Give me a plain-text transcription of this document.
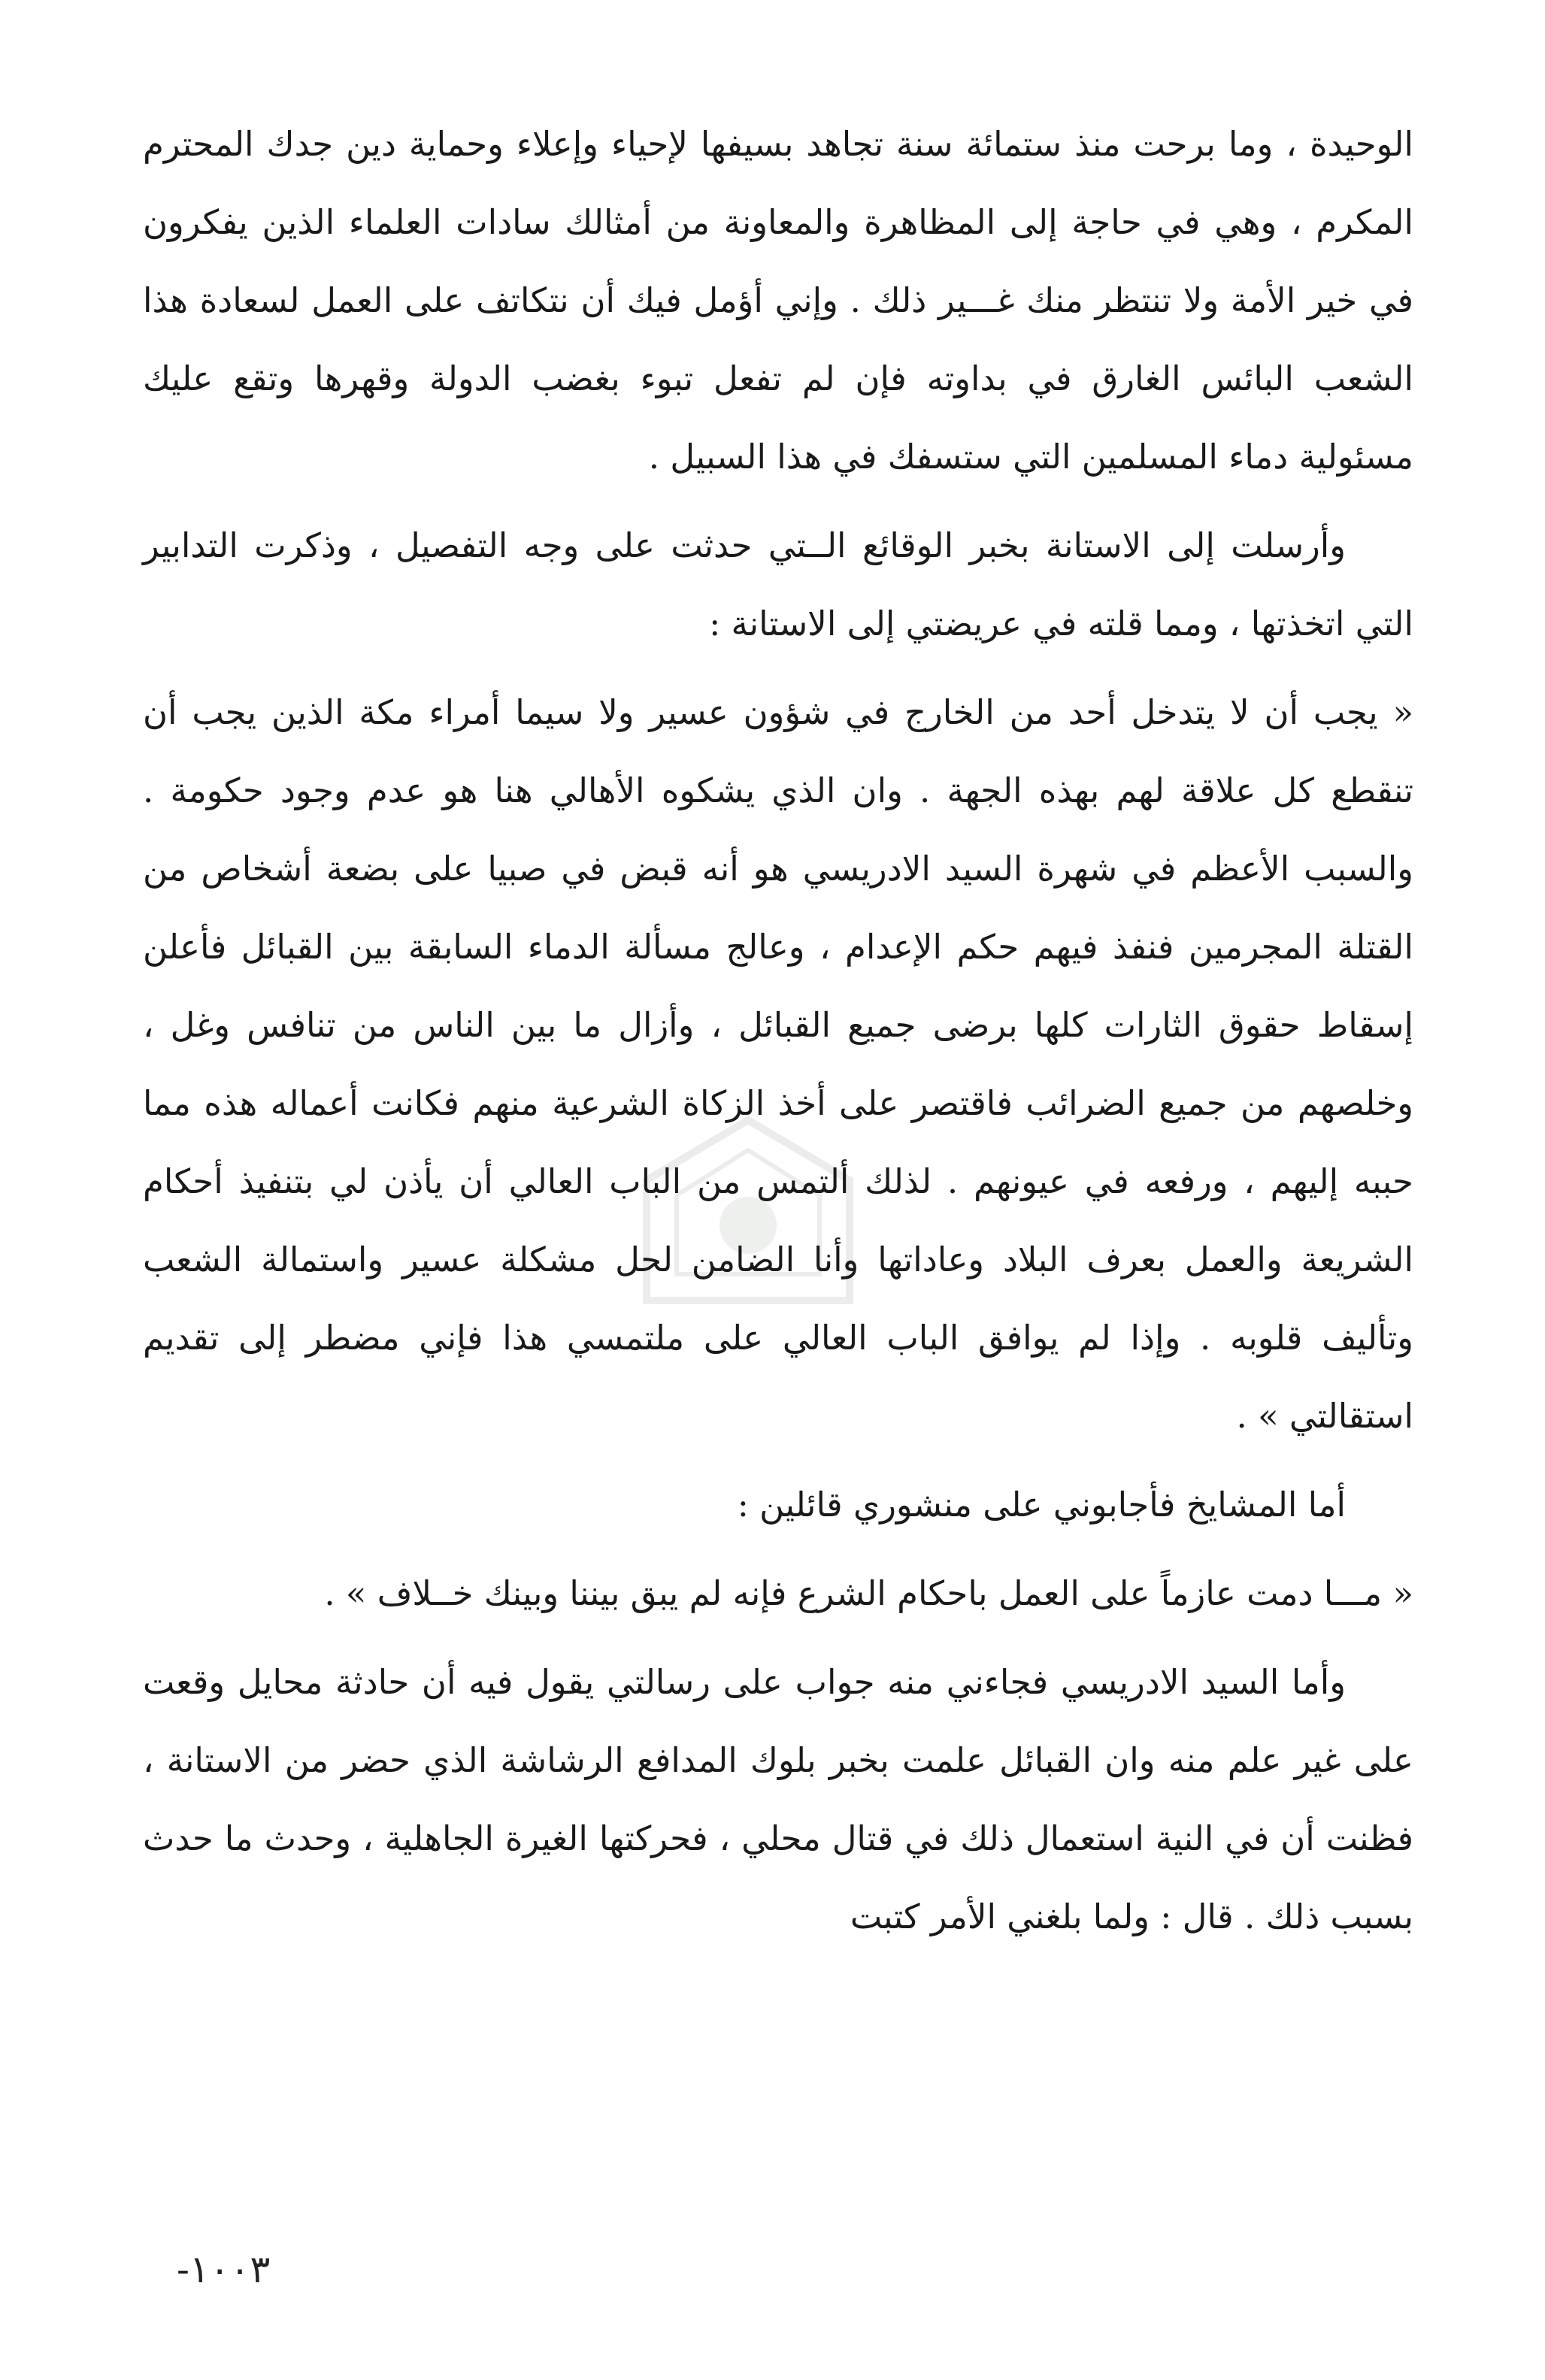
الوحيدة ، وما برحت منذ ستمائة سنة تجاهد بسيفها لإحياء وإعلاء وحماية دين جدك المحترم المكرم ، وهي في حاجة إلى المظاهرة والمعاونة من أمثالك سادات العلماء الذين يفكرون في خير الأمة ولا تنتظر منك غـــير ذلك . وإني أؤمل فيك أن نتكاتف على العمل لسعادة هذا الشعب البائس الغارق في بداوته فإن لم تفعل تبوء بغضب الدولة وقهرها وتقع عليك مسئولية دماء المسلمين التي ستسفك في هذا السبيل .

وأرسلت إلى الاستانة بخبر الوقائع الــتي حدثت على وجه التفصيل ، وذكرت التدابير التي اتخذتها ، ومما قلته في عريضتي إلى الاستانة :

« يجب أن لا يتدخل أحد من الخارج في شؤون عسير ولا سيما أمراء مكة الذين يجب أن تنقطع كل علاقة لهم بهذه الجهة . وان الذي يشكوه الأهالي هنا هو عدم وجود حكومة . والسبب الأعظم في شهرة السيد الادريسي هو أنه قبض في صبيا على بضعة أشخاص من القتلة المجرمين فنفذ فيهم حكم الإعدام ، وعالج مسألة الدماء السابقة بين القبائل فأعلن إسقاط حقوق الثارات كلها برضى جميع القبائل ، وأزال ما بين الناس من تنافس وغل ، وخلصهم من جميع الضرائب فاقتصر على أخذ الزكاة الشرعية منهم فكانت أعماله هذه مما حببه إليهم ، ورفعه في عيونهم . لذلك ألتمس من الباب العالي أن يأذن لي بتنفيذ أحكام الشريعة والعمل بعرف البلاد وعاداتها وأنا الضامن لحل مشكلة عسير واستمالة الشعب وتأليف قلوبه . وإذا لم يوافق الباب العالي على ملتمسي هذا فإني مضطر إلى تقديم استقالتي » .

أما المشايخ فأجابوني على منشوري قائلين :

« مـــا دمت عازماً على العمل باحكام الشرع فإنه لم يبق بيننا وبينك خــلاف » .

وأما السيد الادريسي فجاءني منه جواب على رسالتي يقول فيه أن حادثة محايل وقعت على غير علم منه وان القبائل علمت بخبر بلوك المدافع الرشاشة الذي حضر من الاستانة ، فظنت أن في النية استعمال ذلك في قتال محلي ، فحركتها الغيرة الجاهلية ، وحدث ما حدث بسبب ذلك . قال : ولما بلغني الأمر كتبت

-١٠٠٣
